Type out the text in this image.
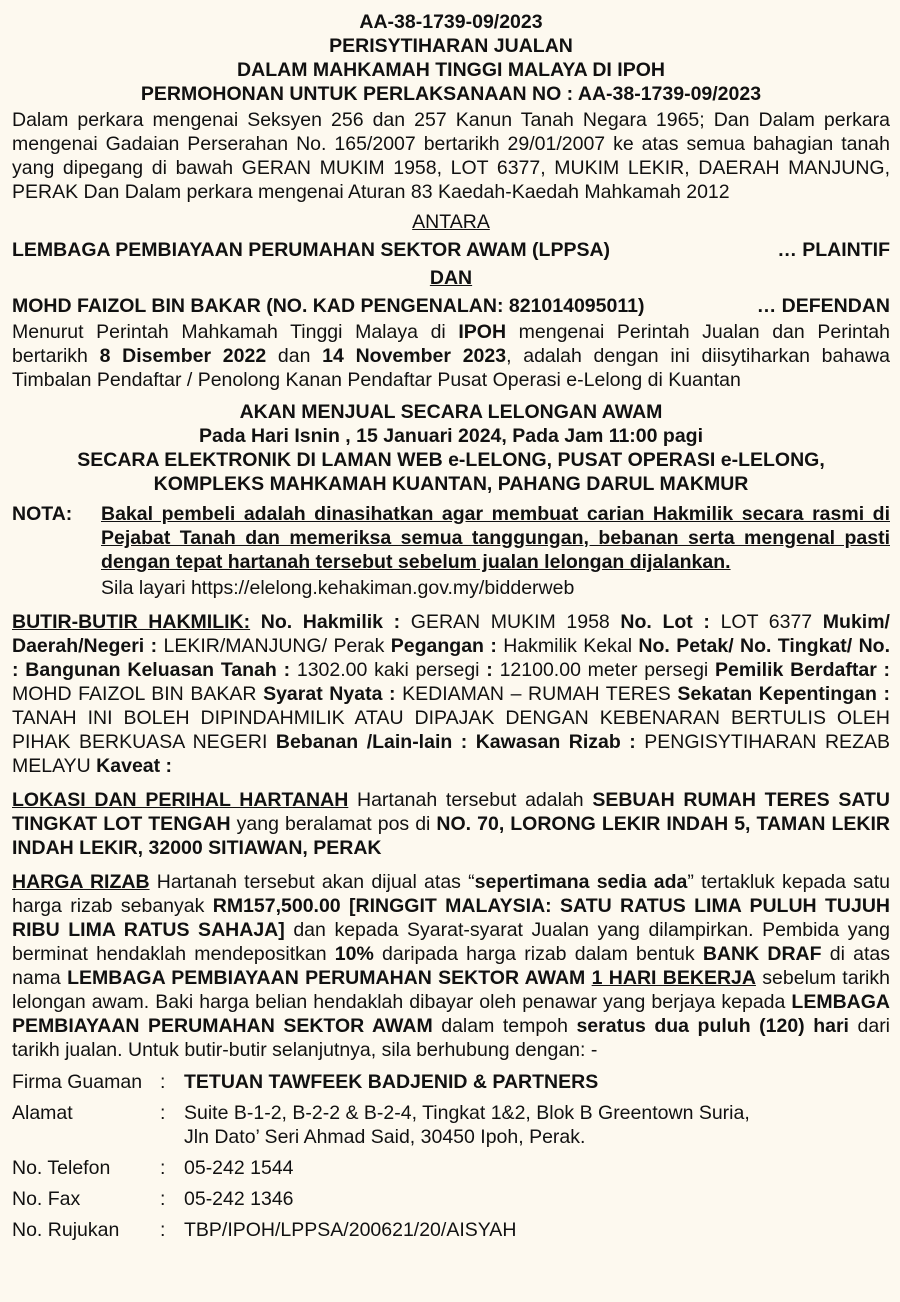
AA-38-1739-09/2023
PERISYTIHARAN JUALAN
DALAM MAHKAMAH TINGGI MALAYA DI IPOH
PERMOHONAN UNTUK PERLAKSANAAN NO : AA-38-1739-09/2023

Dalam perkara mengenai Seksyen 256 dan 257 Kanun Tanah Negara 1965; Dan Dalam perkara mengenai Gadaian Perserahan No. 165/2007 bertarikh 29/01/2007 ke atas semua bahagian tanah yang dipegang di bawah GERAN MUKIM 1958, LOT 6377, MUKIM LEKIR, DAERAH MANJUNG, PERAK Dan Dalam perkara mengenai Aturan 83 Kaedah-Kaedah Mahkamah 2012

ANTARA
LEMBAGA PEMBIAYAAN PERUMAHAN SEKTOR AWAM (LPPSA)	… PLAINTIF
DAN
MOHD FAIZOL BIN BAKAR (NO. KAD PENGENALAN: 821014095011)	… DEFENDAN

Menurut Perintah Mahkamah Tinggi Malaya di IPOH mengenai Perintah Jualan dan Perintah bertarikh 8 Disember 2022 dan 14 November 2023, adalah dengan ini diisytiharkan bahawa Timbalan Pendaftar / Penolong Kanan Pendaftar Pusat Operasi e-Lelong di Kuantan

AKAN MENJUAL SECARA LELONGAN AWAM
Pada Hari Isnin , 15 Januari 2024, Pada Jam 11:00 pagi
SECARA ELEKTRONIK DI LAMAN WEB e-LELONG, PUSAT OPERASI e-LELONG,
KOMPLEKS MAHKAMAH KUANTAN, PAHANG DARUL MAKMUR
NOTA:	Bakal pembeli adalah dinasihatkan agar membuat carian Hakmilik secara rasmi di Pejabat Tanah dan memeriksa semua tanggungan, bebanan serta mengenal pasti dengan tepat hartanah tersebut sebelum jualan lelongan dijalankan.
Sila layari https://elelong.kehakiman.gov.my/bidderweb
BUTIR-BUTIR HAKMILIK: No. Hakmilik : GERAN MUKIM 1958 No. Lot : LOT 6377 Mukim/ Daerah/Negeri : LEKIR/MANJUNG/ Perak Pegangan : Hakmilik Kekal No. Petak/ No. Tingkat/ No. : Bangunan Keluasan Tanah : 1302.00 kaki persegi : 12100.00 meter persegi Pemilik Berdaftar : MOHD FAIZOL BIN BAKAR Syarat Nyata : KEDIAMAN – RUMAH TERES Sekatan Kepentingan : TANAH INI BOLEH DIPINDAHMILIK ATAU DIPAJAK DENGAN KEBENARAN BERTULIS OLEH PIHAK BERKUASA NEGERI Bebanan /Lain-lain : Kawasan Rizab : PENGISYTIHARAN REZAB MELAYU Kaveat :
LOKASI DAN PERIHAL HARTANAH Hartanah tersebut adalah SEBUAH RUMAH TERES SATU TINGKAT LOT TENGAH yang beralamat pos di NO. 70, LORONG LEKIR INDAH 5, TAMAN LEKIR INDAH LEKIR, 32000 SITIAWAN, PERAK
HARGA RIZAB Hartanah tersebut akan dijual atas “sepertimana sedia ada” tertakluk kepada satu harga rizab sebanyak RM157,500.00 [RINGGIT MALAYSIA: SATU RATUS LIMA PULUH TUJUH RIBU LIMA RATUS SAHAJA] dan kepada Syarat-syarat Jualan yang dilampirkan. Pembida yang berminat hendaklah mendepositkan 10% daripada harga rizab dalam bentuk BANK DRAF di atas nama LEMBAGA PEMBIAYAAN PERUMAHAN SEKTOR AWAM 1 HARI BEKERJA sebelum tarikh lelongan awam. Baki harga belian hendaklah dibayar oleh penawar yang berjaya kepada LEMBAGA PEMBIAYAAN PERUMAHAN SEKTOR AWAM dalam tempoh seratus dua puluh (120) hari dari tarikh jualan. Untuk butir-butir selanjutnya, sila berhubung dengan: -
Firma Guaman : TETUAN TAWFEEK BADJENID & PARTNERS
Alamat	: Suite B-1-2, B-2-2 & B-2-4, Tingkat 1&2, Blok B Greentown Suria,
Jln Dato’ Seri Ahmad Said, 30450 Ipoh, Perak.
No. Telefon	: 05-242 1544
No. Fax	: 05-242 1346
No. Rujukan	: TBP/IPOH/LPPSA/200621/20/AISYAH
